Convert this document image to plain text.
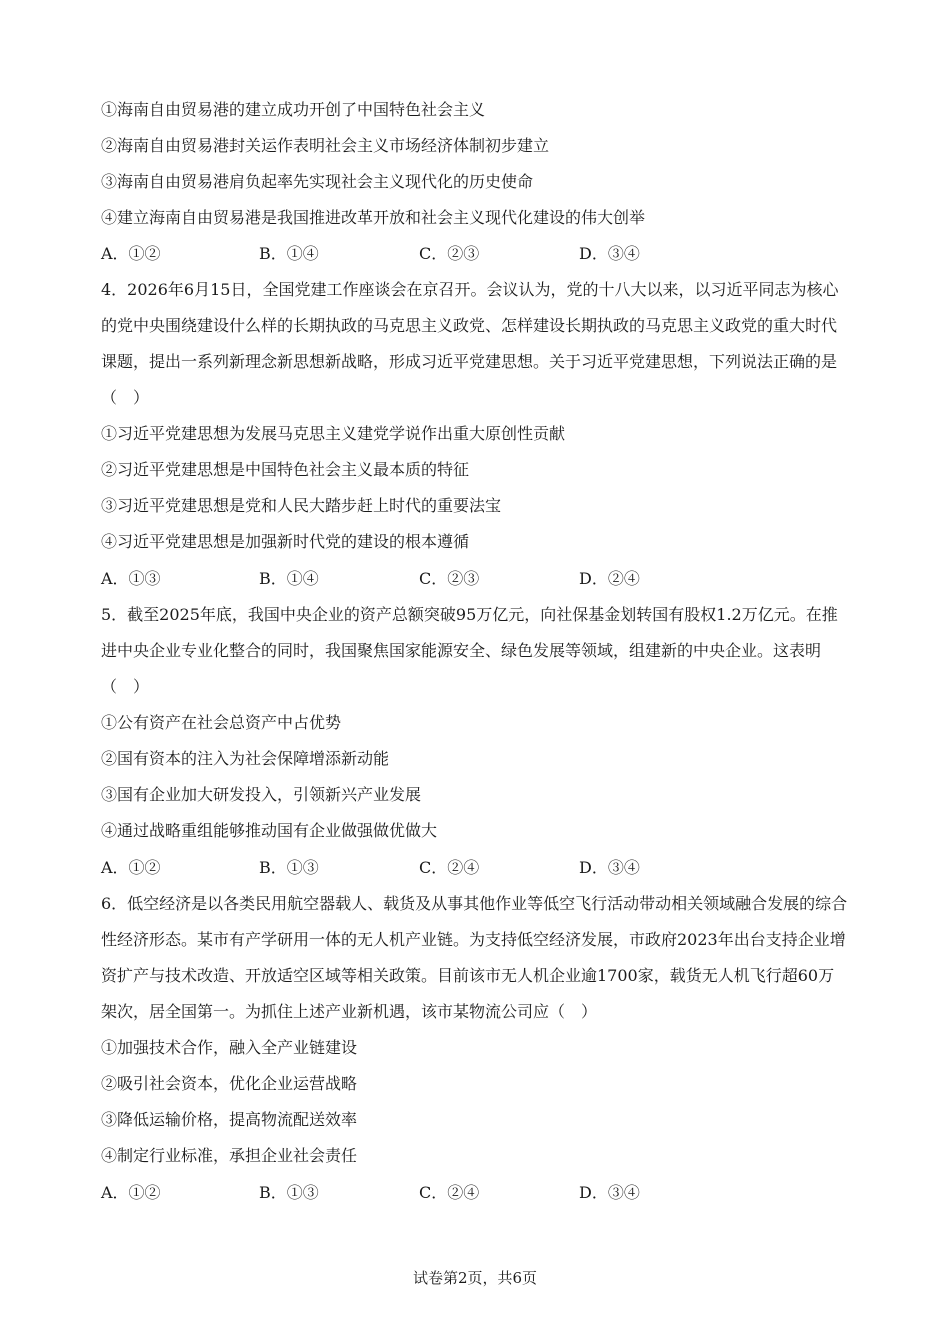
①海南自由贸易港的建立成功开创了中国特色社会主义
②海南自由贸易港封关运作表明社会主义市场经济体制初步建立
③海南自由贸易港肩负起率先实现社会主义现代化的历史使命
④建立海南自由贸易港是我国推进改革开放和社会主义现代化建设的伟大创举
A．①②	B．①④	C．②③	D．③④
4．2026年6月15日，全国党建工作座谈会在京召开。会议认为，党的十八大以来，以习近平同志为核心
的党中央围绕建设什么样的长期执政的马克思主义政党、怎样建设长期执政的马克思主义政党的重大时代
课题，提出一系列新理念新思想新战略，形成习近平党建思想。关于习近平党建思想，下列说法正确的是
（　）
①习近平党建思想为发展马克思主义建党学说作出重大原创性贡献
②习近平党建思想是中国特色社会主义最本质的特征
③习近平党建思想是党和人民大踏步赶上时代的重要法宝
④习近平党建思想是加强新时代党的建设的根本遵循
A．①③	B．①④	C．②③	D．②④
5．截至2025年底，我国中央企业的资产总额突破95万亿元，向社保基金划转国有股权1.2万亿元。在推
进中央企业专业化整合的同时，我国聚焦国家能源安全、绿色发展等领域，组建新的中央企业。这表明
（　）
①公有资产在社会总资产中占优势
②国有资本的注入为社会保障增添新动能
③国有企业加大研发投入，引领新兴产业发展
④通过战略重组能够推动国有企业做强做优做大
A．①②	B．①③	C．②④	D．③④
6．低空经济是以各类民用航空器载人、载货及从事其他作业等低空飞行活动带动相关领域融合发展的综合
性经济形态。某市有产学研用一体的无人机产业链。为支持低空经济发展，市政府2023年出台支持企业增
资扩产与技术改造、开放适空区域等相关政策。目前该市无人机企业逾1700家，载货无人机飞行超60万
架次，居全国第一。为抓住上述产业新机遇，该市某物流公司应（　）
①加强技术合作，融入全产业链建设
②吸引社会资本，优化企业运营战略
③降低运输价格，提高物流配送效率
④制定行业标准，承担企业社会责任
A．①②	B．①③	C．②④	D．③④
试卷第2页，共6页
